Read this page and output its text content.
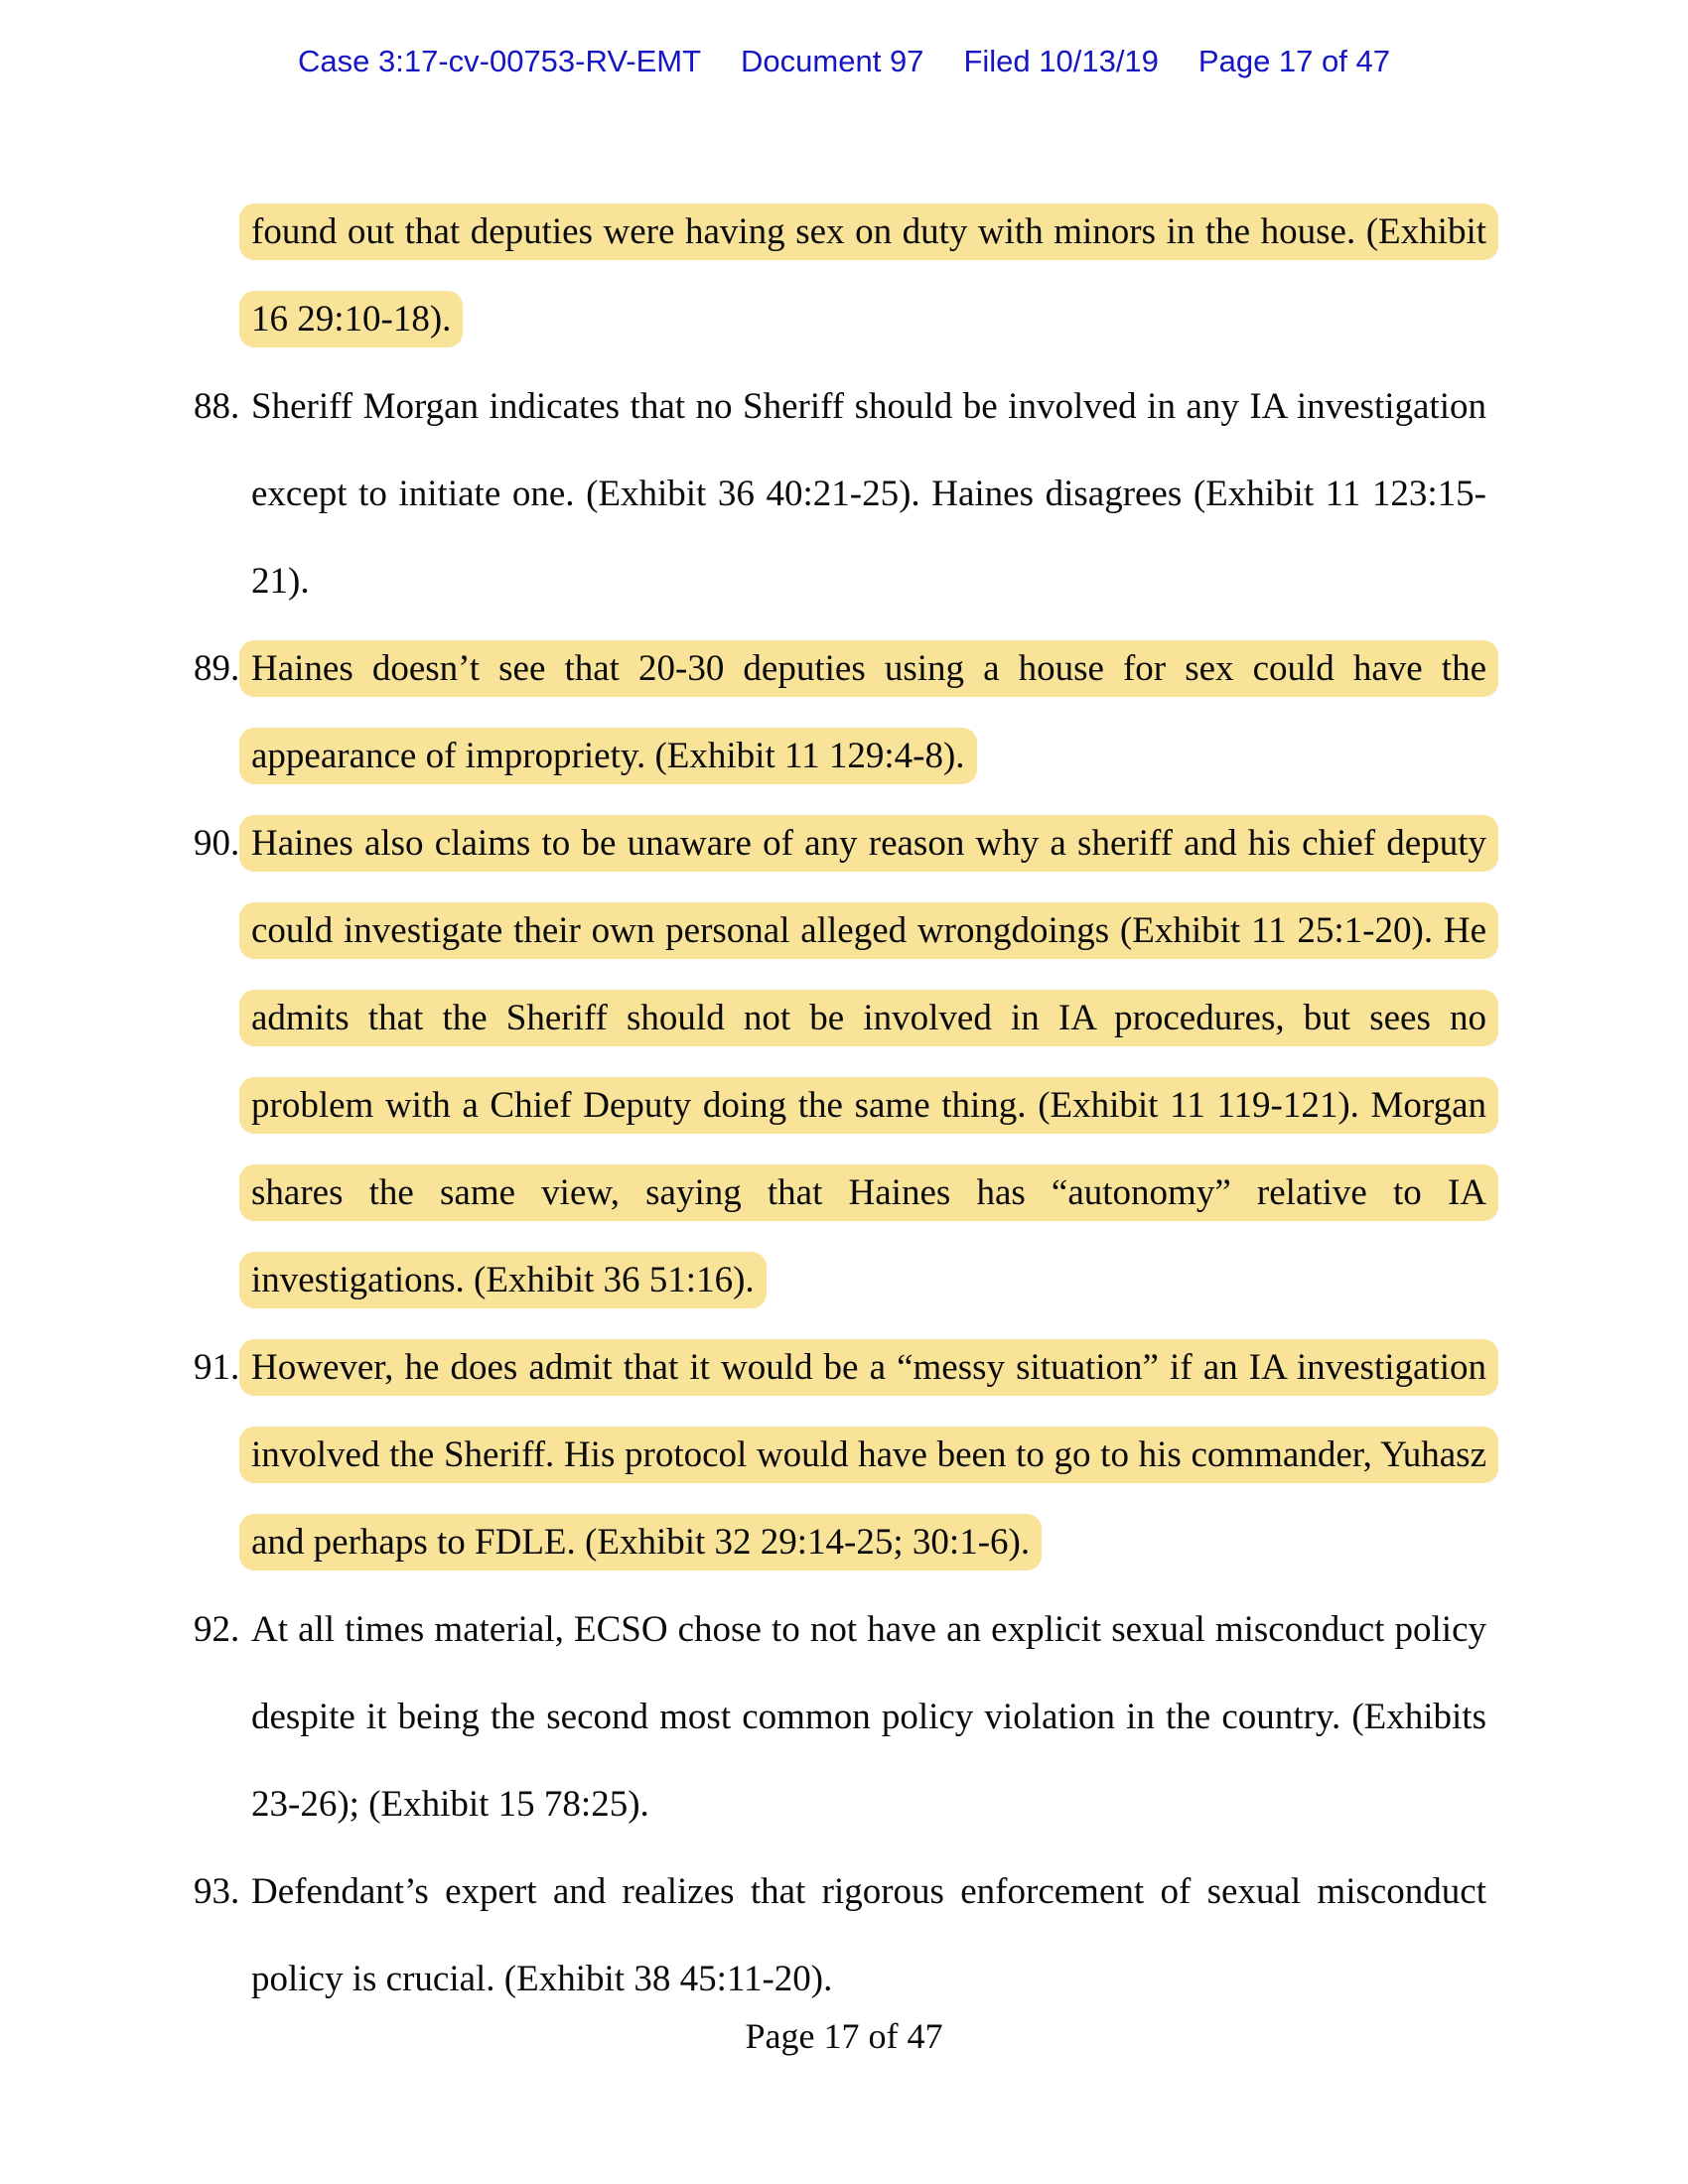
Case 3:17-cv-00753-RV-EMT Document 97 Filed 10/13/19 Page 17 of 47
found out that deputies were having sex on duty with minors in the house. (Exhibit 16 29:10-18).
88. Sheriff Morgan indicates that no Sheriff should be involved in any IA investigation except to initiate one. (Exhibit 36 40:21-25). Haines disagrees (Exhibit 11 123:15-21).
89. Haines doesn’t see that 20-30 deputies using a house for sex could have the appearance of impropriety. (Exhibit 11 129:4-8).
90. Haines also claims to be unaware of any reason why a sheriff and his chief deputy could investigate their own personal alleged wrongdoings (Exhibit 11 25:1-20). He admits that the Sheriff should not be involved in IA procedures, but sees no problem with a Chief Deputy doing the same thing. (Exhibit 11 119-121). Morgan shares the same view, saying that Haines has “autonomy” relative to IA investigations. (Exhibit 36 51:16).
91. However, he does admit that it would be a “messy situation” if an IA investigation involved the Sheriff. His protocol would have been to go to his commander, Yuhasz and perhaps to FDLE. (Exhibit 32 29:14-25; 30:1-6).
92. At all times material, ECSO chose to not have an explicit sexual misconduct policy despite it being the second most common policy violation in the country. (Exhibits 23-26); (Exhibit 15 78:25).
93. Defendant’s expert and realizes that rigorous enforcement of sexual misconduct policy is crucial. (Exhibit 38 45:11-20).
Page 17 of 47
